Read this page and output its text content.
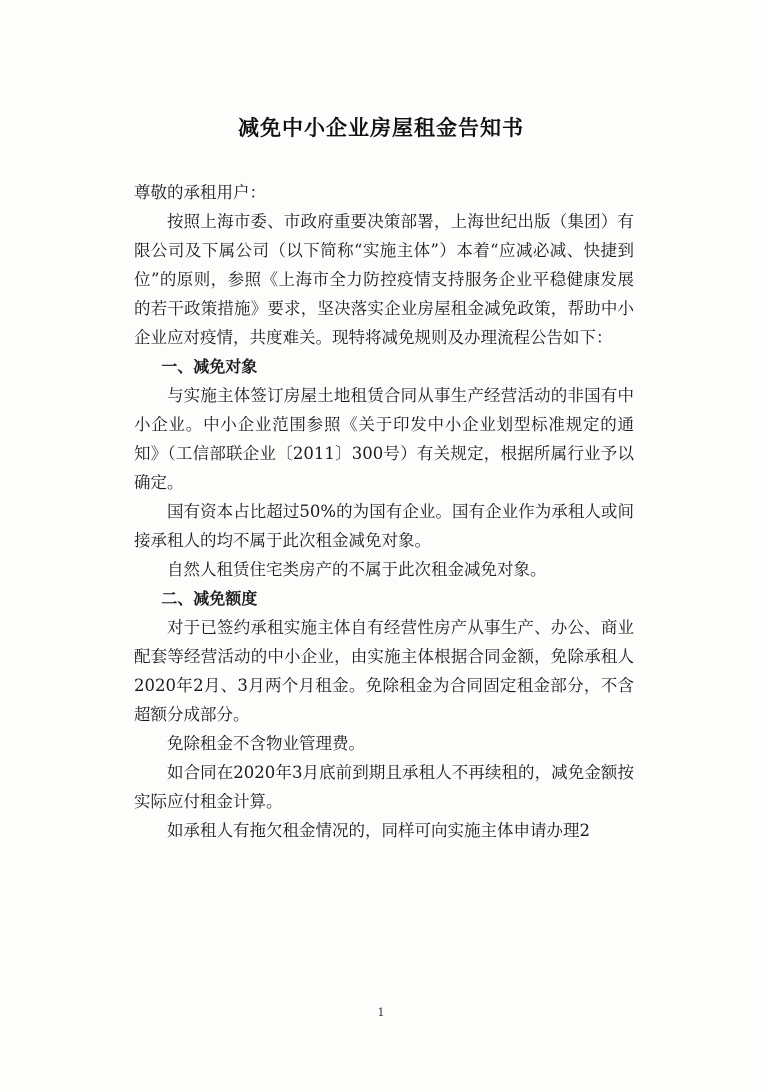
减免中小企业房屋租金告知书

尊敬的承租用户：

按照上海市委、市政府重要决策部署，上海世纪出版（集团）有限公司及下属公司（以下简称“实施主体”）本着“应减必减、快捷到位”的原则，参照《上海市全力防控疫情支持服务企业平稳健康发展的若干政策措施》要求，坚决落实企业房屋租金减免政策，帮助中小企业应对疫情，共度难关。现特将减免规则及办理流程公告如下：

一、减免对象

与实施主体签订房屋土地租赁合同从事生产经营活动的非国有中小企业。中小企业范围参照《关于印发中小企业划型标准规定的通知》（工信部联企业〔2011〕300号）有关规定，根据所属行业予以确定。

国有资本占比超过50%的为国有企业。国有企业作为承租人或间接承租人的均不属于此次租金减免对象。

自然人租赁住宅类房产的不属于此次租金减免对象。

二、减免额度

对于已签约承租实施主体自有经营性房产从事生产、办公、商业配套等经营活动的中小企业，由实施主体根据合同金额，免除承租人2020年2月、3月两个月租金。免除租金为合同固定租金部分，不含超额分成部分。

免除租金不含物业管理费。

如合同在2020年3月底前到期且承租人不再续租的，减免金额按实际应付租金计算。

如承租人有拖欠租金情况的，同样可向实施主体申请办理2

1
